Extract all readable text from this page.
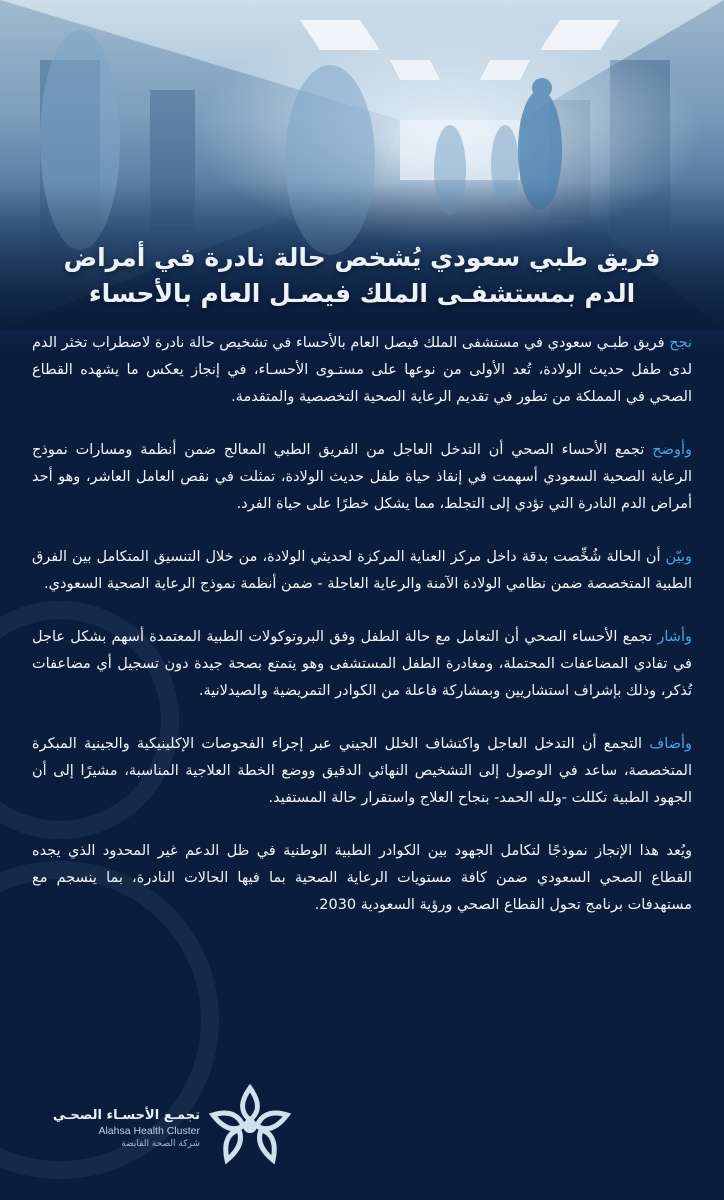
فريق طبي سعودي يُشخص حالة نادرة في أمراض
الدم بمستشفـى الملك فيصـل العام بالأحساء

نجح فريق طبـي سعودي في مستشفى الملك فيصل العام بالأحساء في تشخيص حالة نادرة لاضطراب تخثر الدم لدى طفل حديث الولادة، تُعد الأولى من نوعها على مستـوى الأحسـاء، في إنجاز يعكس ما يشهده القطاع الصحي في المملكة من تطور في تقديم الرعاية الصحية التخصصية والمتقدمة.

وأوضح تجمع الأحساء الصحي أن التدخل العاجل من الفريق الطبي المعالج ضمن أنظمة ومسارات نموذج الرعاية الصحية السعودي أسهمت في إنقاذ حياة طفل حديث الولادة، تمثلت في نقص العامل العاشر، وهو أحد أمراض الدم النادرة التي تؤدي إلى التجلط، مما يشكل خطرًا على حياة الفرد.

وبيّن أن الحالة شُخِّصت بدقة داخل مركز العناية المركزة لحديثي الولادة، من خلال التنسيق المتكامل بين الفرق الطبية المتخصصة ضمن نظامي الولادة الآمنة والرعاية العاجلة - ضمن أنظمة نموذج الرعاية الصحية السعودي.

وأشار تجمع الأحساء الصحي أن التعامل مع حالة الطفل وفق البروتوكولات الطبية المعتمدة أسهم بشكل عاجل في تفادي المضاعفات المحتملة، ومغادرة الطفل المستشفى وهو يتمتع بصحة جيدة دون تسجيل أي مضاعفات تُذكر، وذلك بإشراف استشاريين وبمشاركة فاعلة من الكوادر التمريضية والصيدلانية.

وأضاف التجمع أن التدخل العاجل واكتشاف الخلل الجيني عبر إجراء الفحوصات الإكلينيكية والجينية المبكرة المتخصصة، ساعد في الوصول إلى التشخيص النهائي الدقيق ووضع الخطة العلاجية المناسبة، مشيرًا إلى أن الجهود الطبية تكللت -ولله الحمد- بنجاح العلاج واستقرار حالة المستفيد.

ويُعد هذا الإنجاز نموذجًا لتكامل الجهود بين الكوادر الطبية الوطنية في ظل الدعم غير المحدود الذي يجده القطاع الصحي السعودي ضمن كافة مستويات الرعاية الصحية بما فيها الحالات النادرة، بما ينسجم مع مستهدفات برنامج تحول القطاع الصحي ورؤية السعودية 2030.

تجمـع الأحسـاء الصحـي
Alahsa Health Cluster
شركة الصحة القابضة
